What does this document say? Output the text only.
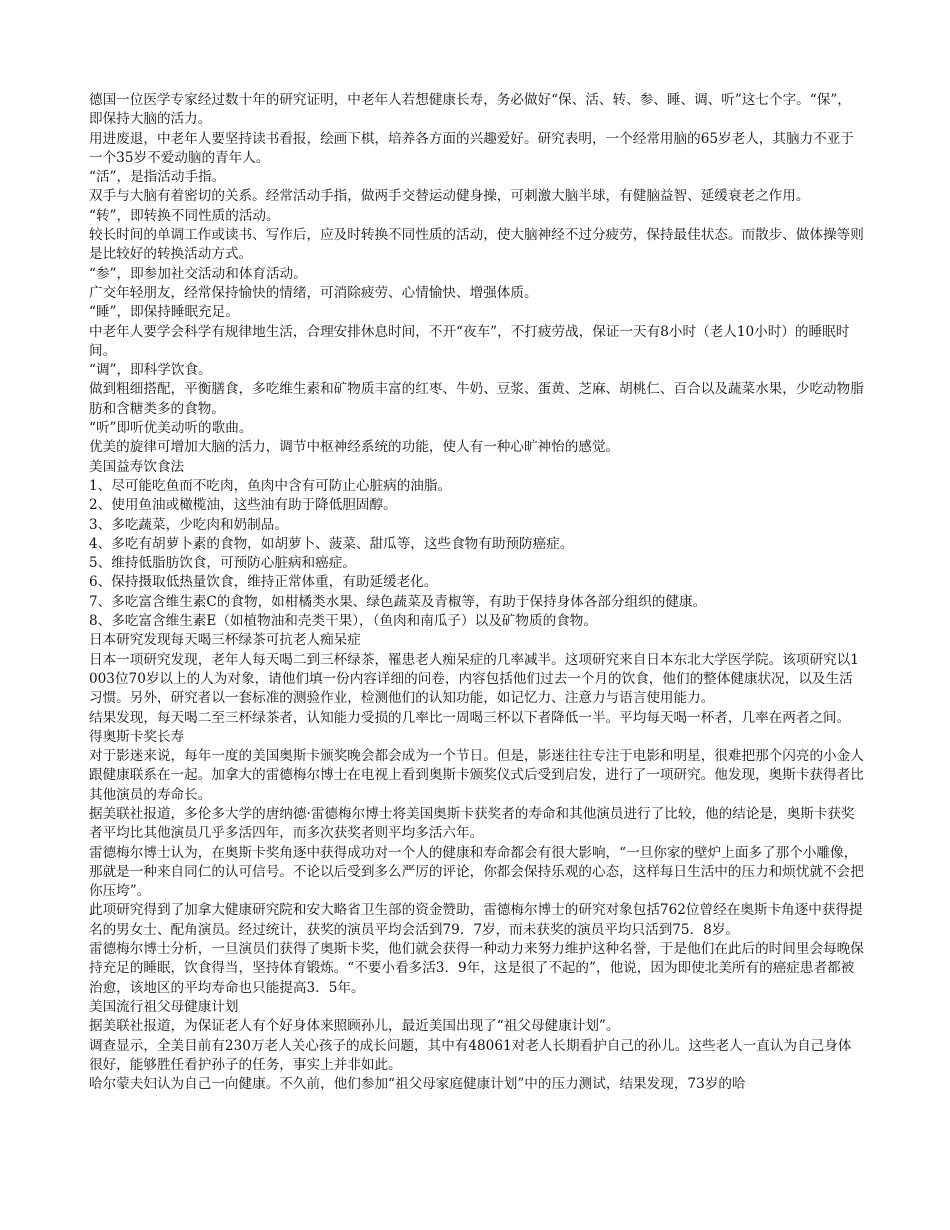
德国一位医学专家经过数十年的研究证明，中老年人若想健康长寿，务必做好“保、活、转、参、睡、调、听”这七个字。“保”，即保持大脑的活力。

用进废退，中老年人要坚持读书看报，绘画下棋，培养各方面的兴趣爱好。研究表明，一个经常用脑的65岁老人，其脑力不亚于一个35岁不爱动脑的青年人。

“活”，是指活动手指。

双手与大脑有着密切的关系。经常活动手指，做两手交替运动健身操，可刺激大脑半球，有健脑益智、延缓衰老之作用。

“转”，即转换不同性质的活动。

较长时间的单调工作或读书、写作后，应及时转换不同性质的活动，使大脑神经不过分疲劳，保持最佳状态。而散步、做体操等则是比较好的转换活动方式。

“参”，即参加社交活动和体育活动。

广交年轻朋友，经常保持愉快的情绪，可消除疲劳、心情愉快、增强体质。

“睡”，即保持睡眠充足。

中老年人要学会科学有规律地生活，合理安排休息时间，不开“夜车”，不打疲劳战，保证一天有8小时（老人10小时）的睡眠时间。

“调”，即科学饮食。

做到粗细搭配，平衡膳食，多吃维生素和矿物质丰富的红枣、牛奶、豆浆、蛋黄、芝麻、胡桃仁、百合以及蔬菜水果，少吃动物脂肪和含糖类多的食物。

“听”即听优美动听的歌曲。

优美的旋律可增加大脑的活力，调节中枢神经系统的功能，使人有一种心旷神怡的感觉。

美国益寿饮食法

1、尽可能吃鱼而不吃肉，鱼肉中含有可防止心脏病的油脂。

2、使用鱼油或橄榄油，这些油有助于降低胆固醇。

3、多吃蔬菜，少吃肉和奶制品。

4、多吃有胡萝卜素的食物，如胡萝卜、菠菜、甜瓜等，这些食物有助预防癌症。

5、维持低脂肪饮食，可预防心脏病和癌症。

6、保持摄取低热量饮食，维持正常体重，有助延缓老化。

7、多吃富含维生素C的食物，如柑橘类水果、绿色蔬菜及青椒等，有助于保持身体各部分组织的健康。

8、多吃富含维生素E（如植物油和壳类干果），（鱼肉和南瓜子）以及矿物质的食物。

日本研究发现每天喝三杯绿茶可抗老人痴呆症

日本一项研究发现，老年人每天喝二到三杯绿茶，罹患老人痴呆症的几率减半。这项研究来自日本东北大学医学院。该项研究以1003位70岁以上的人为对象，请他们填一份内容详细的问卷，内容包括他们过去一个月的饮食，他们的整体健康状况，以及生活习惯。另外，研究者以一套标准的测验作业，检测他们的认知功能，如记忆力、注意力与语言使用能力。

结果发现，每天喝二至三杯绿茶者，认知能力受损的几率比一周喝三杯以下者降低一半。平均每天喝一杯者，几率在两者之间。

得奥斯卡奖长寿

对于影迷来说，每年一度的美国奥斯卡颁奖晚会都会成为一个节日。但是，影迷往往专注于电影和明星，很难把那个闪亮的小金人跟健康联系在一起。加拿大的雷德梅尔博士在电视上看到奥斯卡颁奖仪式后受到启发，进行了一项研究。他发现，奥斯卡获得者比其他演员的寿命长。

据美联社报道，多伦多大学的唐纳德·雷德梅尔博士将美国奥斯卡获奖者的寿命和其他演员进行了比较，他的结论是，奥斯卡获奖者平均比其他演员几乎多活四年，而多次获奖者则平均多活六年。

雷德梅尔博士认为，在奥斯卡奖角逐中获得成功对一个人的健康和寿命都会有很大影响，“一旦你家的壁炉上面多了那个小雕像，那就是一种来自同仁的认可信号。不论以后受到多么严厉的评论，你都会保持乐观的心态，这样每日生活中的压力和烦忧就不会把你压垮”。

此项研究得到了加拿大健康研究院和安大略省卫生部的资金赞助，雷德梅尔博士的研究对象包括762位曾经在奥斯卡角逐中获得提名的男女士、配角演员。经过统计，获奖的演员平均会活到79．7岁，而未获奖的演员平均只活到75．8岁。

雷德梅尔博士分析，一旦演员们获得了奥斯卡奖，他们就会获得一种动力来努力维护这种名誉，于是他们在此后的时间里会每晚保持充足的睡眠，饮食得当，坚持体育锻炼。“不要小看多活3．9年，这是很了不起的”，他说，因为即使北美所有的癌症患者都被治愈，该地区的平均寿命也只能提高3．5年。

美国流行祖父母健康计划

据美联社报道，为保证老人有个好身体来照顾孙儿，最近美国出现了“祖父母健康计划”。

调查显示，全美目前有230万老人关心孩子的成长问题，其中有48061对老人长期看护自己的孙儿。这些老人一直认为自己身体很好，能够胜任看护孙子的任务，事实上并非如此。

哈尔蒙夫妇认为自己一向健康。不久前，他们参加“祖父母家庭健康计划”中的压力测试，结果发现，73岁的哈
